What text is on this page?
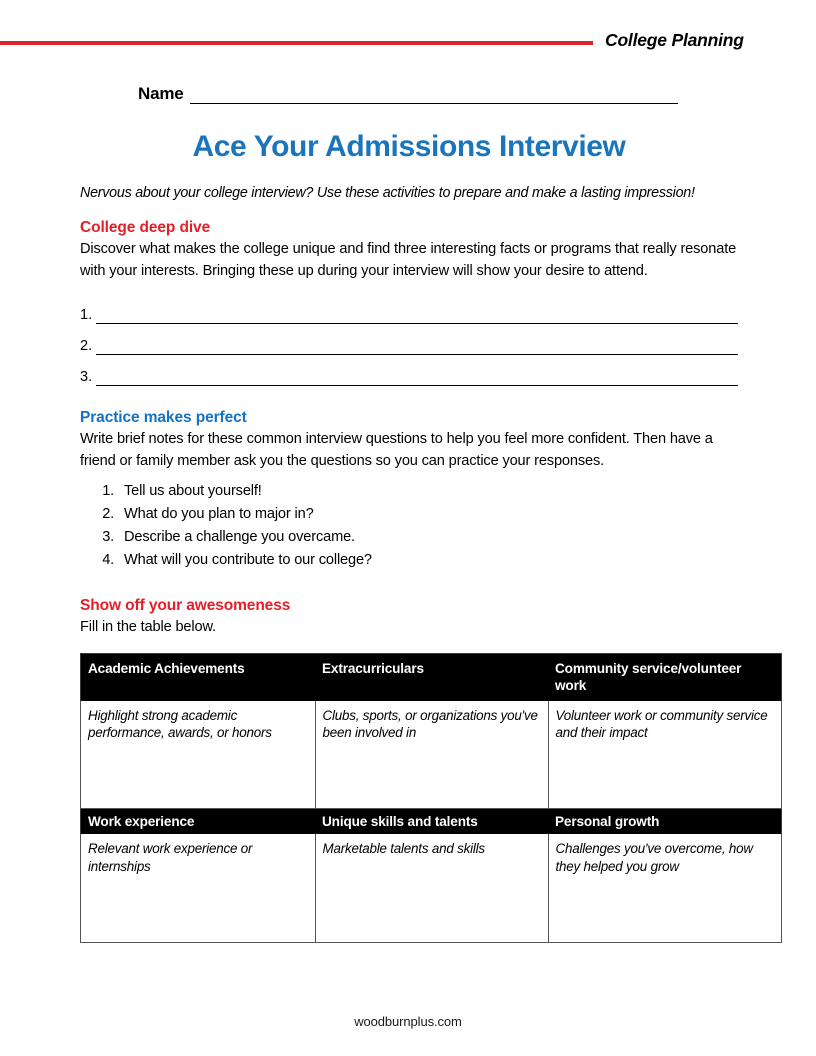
College Planning
Name
Ace Your Admissions Interview

Nervous about your college interview? Use these activities to prepare and make a lasting impression!

College deep dive

Discover what makes the college unique and find three interesting facts or programs that really resonate with your interests. Bringing these up during your interview will show your desire to attend.

1.
2.
3.
Practice makes perfect

Write brief notes for these common interview questions to help you feel more confident. Then have a friend or family member ask you the questions so you can practice your responses.

1. Tell us about yourself!
2. What do you plan to major in?
3. Describe a challenge you overcame.
4. What will you contribute to our college?
Show off your awesomeness

Fill in the table below.

Academic Achievements	Extracurriculars	Community service/volunteer work
Highlight strong academic performance, awards, or honors	Clubs, sports, or organizations you've been involved in	Volunteer work or community service and their impact
Work experience	Unique skills and talents	Personal growth
Relevant work experience or internships	Marketable talents and skills	Challenges you've overcome, how they helped you grow
woodburnplus.com
